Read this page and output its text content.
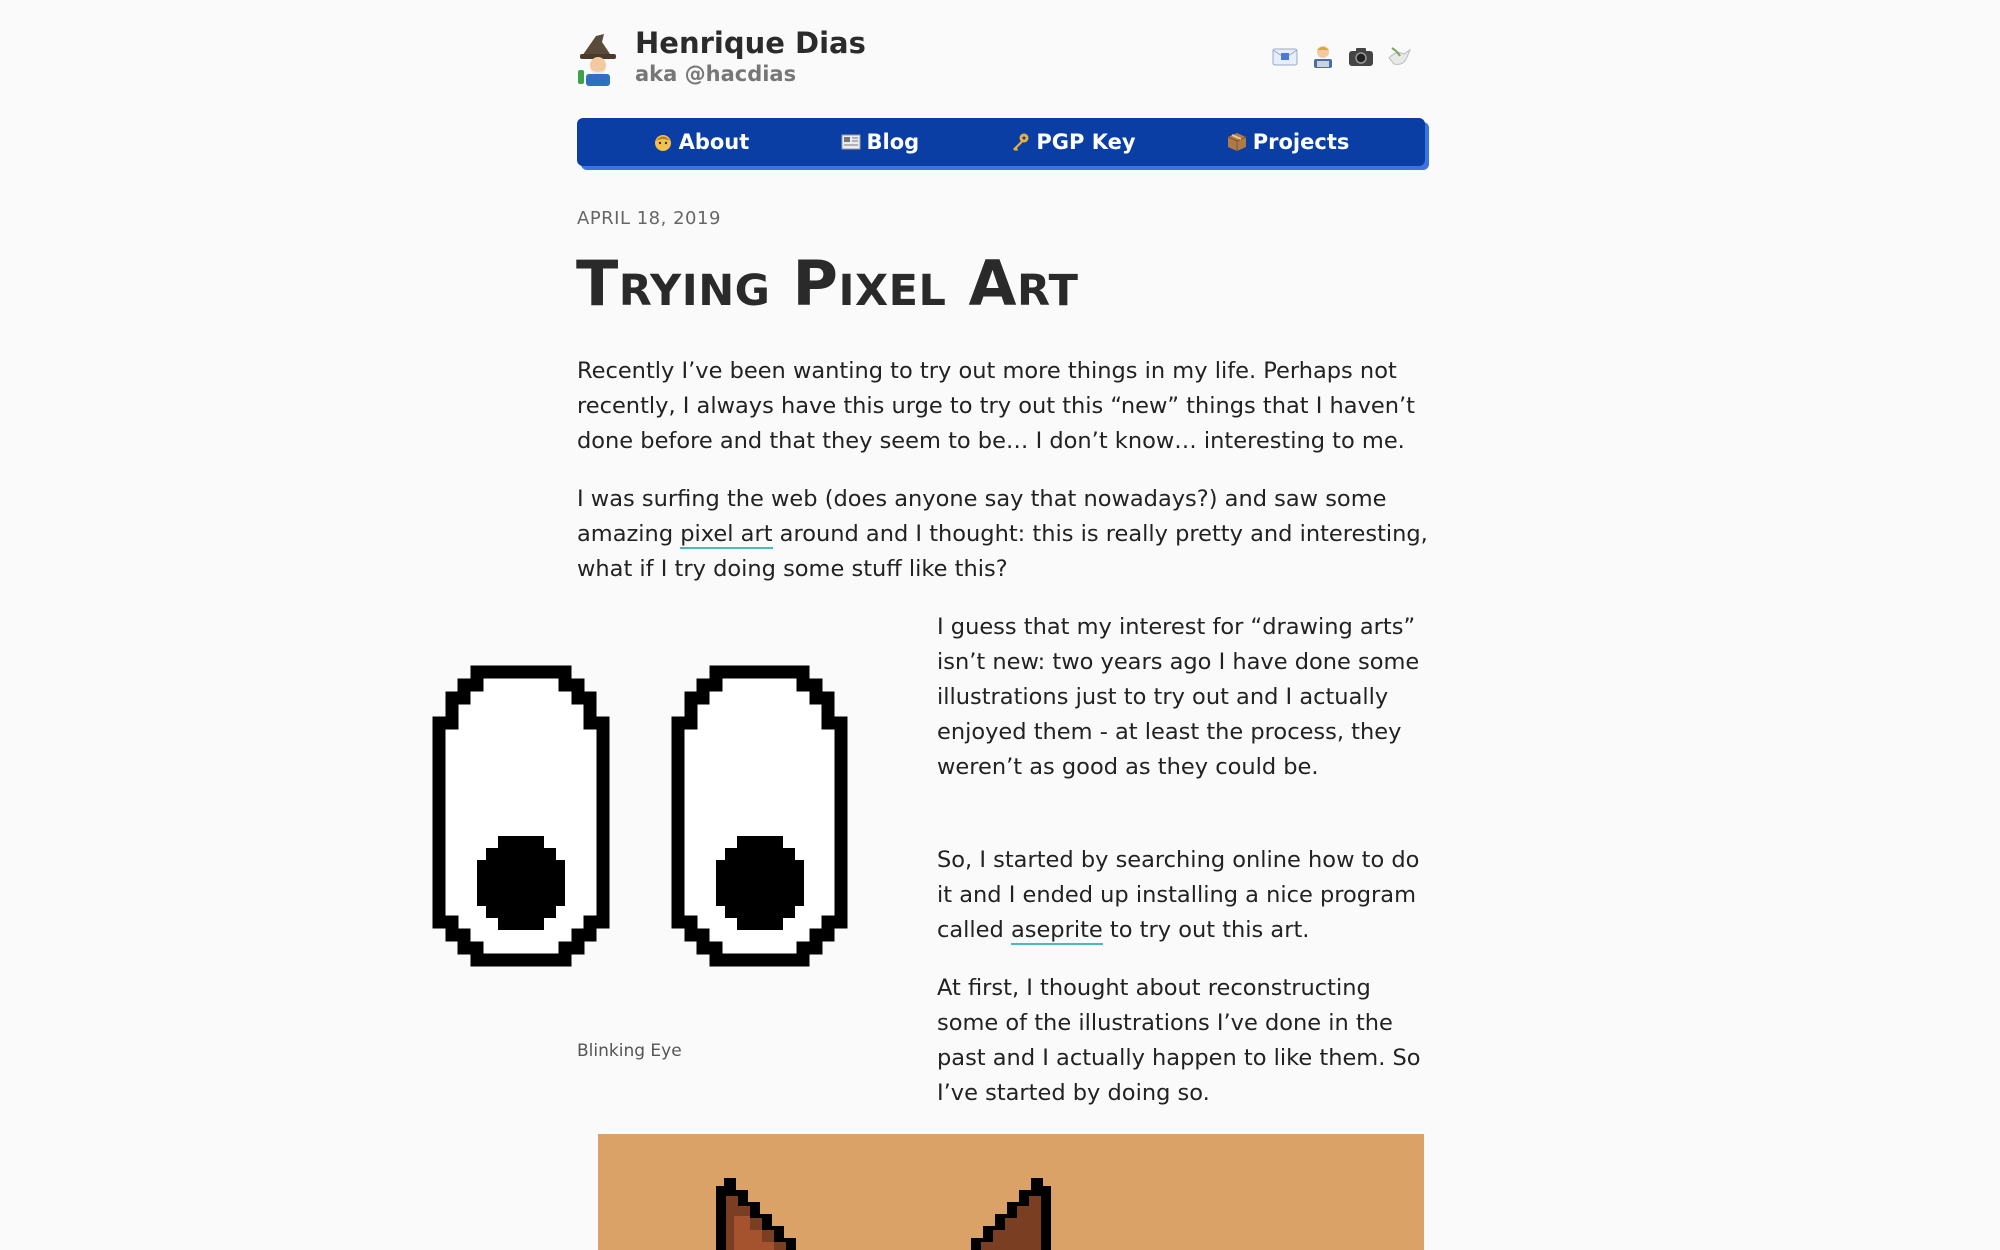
Henrique Dias
aka @hacdias
About	Blog	PGP Key	Projects
APRIL 18, 2019
Trying Pixel Art

Recently I’ve been wanting to try out more things in my life. Perhaps not recently, I always have this urge to try out this “new” things that I haven’t done before and that they seem to be… I don’t know… interesting to me.

I was surfing the web (does anyone say that nowadays?) and saw some amazing pixel art around and I thought: this is really pretty and interesting, what if I try doing some stuff like this?

Blinking Eye

I guess that my interest for “drawing arts” isn’t new: two years ago I have done some illustrations just to try out and I actually enjoyed them - at least the process, they weren’t as good as they could be.

So, I started by searching online how to do it and I ended up installing a nice program called aseprite to try out this art.

At first, I thought about reconstructing some of the illustrations I’ve done in the past and I actually happen to like them. So I’ve started by doing so.
